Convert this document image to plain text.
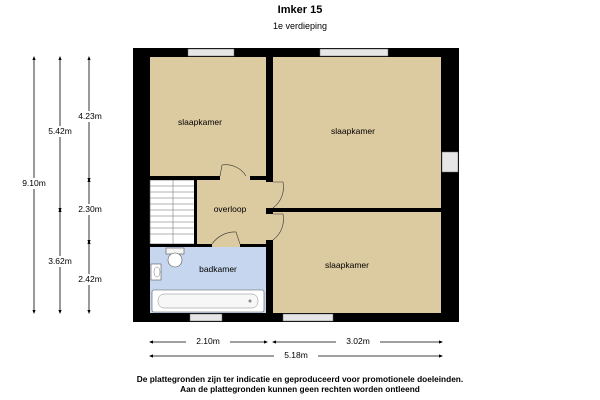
Imker 15
1e verdieping
slaapkamer
slaapkamer
slaapkamer
overloop
badkamer
9.10m
5.42m
3.62m
4.23m
2.30m
2.42m
2.10m	3.02m
5.18m
De plattegronden zijn ter indicatie en geproduceerd voor promotionele doeleinden.
Aan de plattegronden kunnen geen rechten worden ontleend
